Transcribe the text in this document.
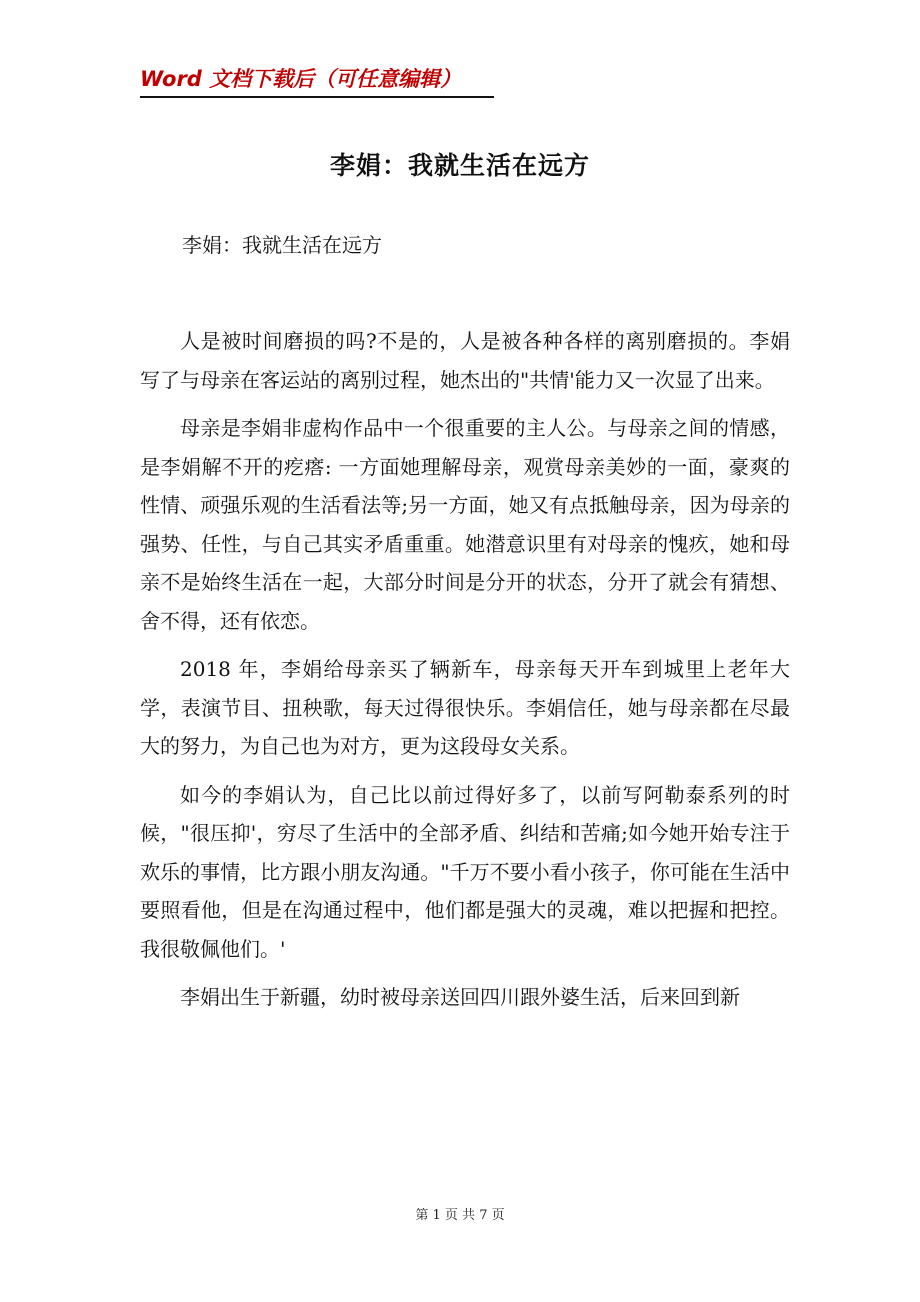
Word 文档下载后（可任意编辑）
李娟：我就生活在远方
李娟：我就生活在远方

人是被时间磨损的吗?不是的，人是被各种各样的离别磨损的。李娟写了与母亲在客运站的离别过程，她杰出的"共情'能力又一次显了出来。

母亲是李娟非虚构作品中一个很重要的主人公。与母亲之间的情感，是李娟解不开的疙瘩: 一方面她理解母亲，观赏母亲美妙的一面，豪爽的性情、顽强乐观的生活看法等;另一方面，她又有点抵触母亲，因为母亲的强势、任性，与自己其实矛盾重重。她潜意识里有对母亲的愧疚，她和母亲不是始终生活在一起，大部分时间是分开的状态，分开了就会有猜想、舍不得，还有依恋。

2018 年，李娟给母亲买了辆新车，母亲每天开车到城里上老年大学，表演节目、扭秧歌，每天过得很快乐。李娟信任，她与母亲都在尽最大的努力，为自己也为对方，更为这段母女关系。

如今的李娟认为，自己比以前过得好多了，以前写阿勒泰系列的时候，"很压抑'，穷尽了生活中的全部矛盾、纠结和苦痛;如今她开始专注于欢乐的事情，比方跟小朋友沟通。"千万不要小看小孩子，你可能在生活中要照看他，但是在沟通过程中，他们都是强大的灵魂，难以把握和把控。我很敬佩他们。'

李娟出生于新疆，幼时被母亲送回四川跟外婆生活，后来回到新

第 1 页 共 7 页
